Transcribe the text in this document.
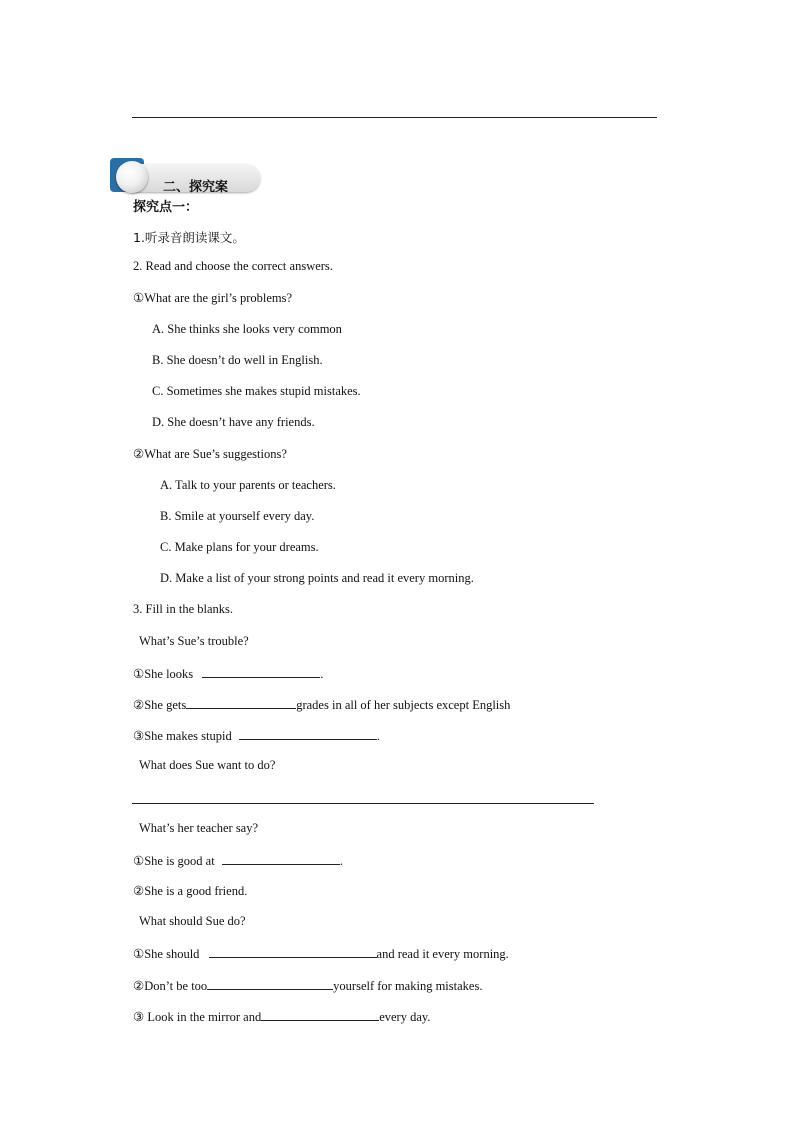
二、探究案
探究点一：
1.听录音朗读课文。
2. Read and choose the correct answers.
①What are the girl’s problems?
A. She thinks she looks very common
B. She doesn’t do well in English.
C. Sometimes she makes stupid mistakes.
D. She doesn’t have any friends.
②What are Sue’s suggestions?
A. Talk to your parents or teachers.
B. Smile at yourself every day.
C. Make plans for your dreams.
D. Make a list of your strong points and read it every morning.
3. Fill in the blanks.
What’s Sue’s trouble?
①She looks	.
②She gets	grades in all of her subjects except English
③She makes stupid	.
What does Sue want to do?
What’s her teacher say?
①She is good at	.
②She is a good friend.
What should Sue do?
①She should	and read it every morning.
②Don’t be too	yourself for making mistakes.
③ Look in the mirror and	every day.
